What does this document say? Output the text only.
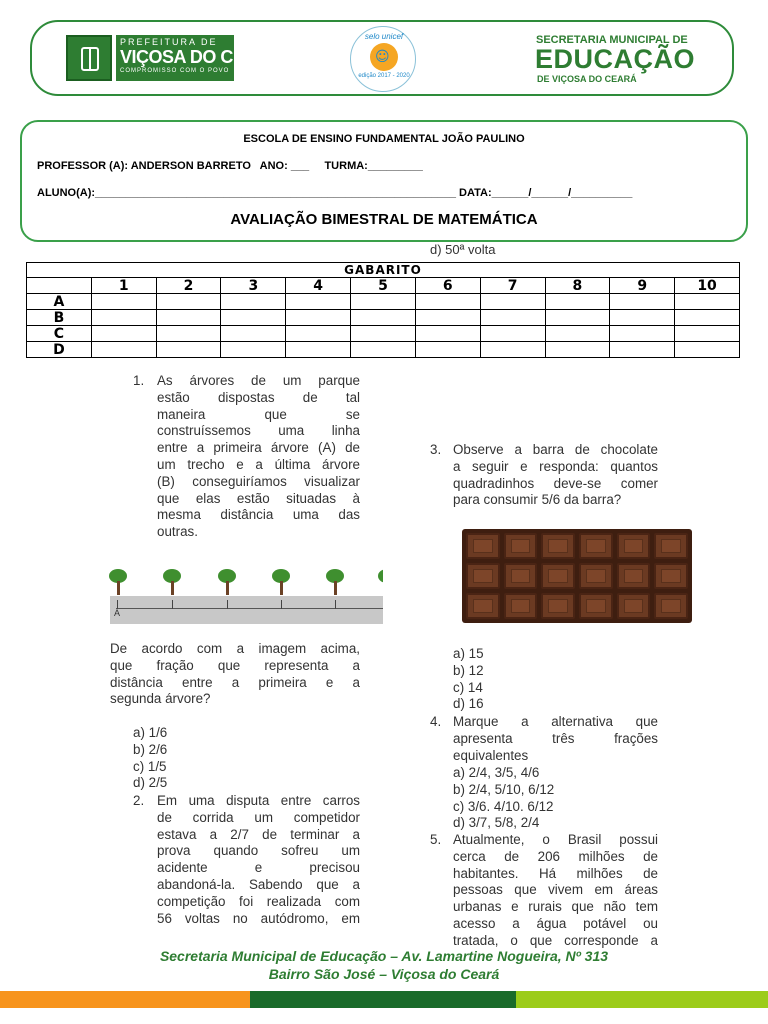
PREFEITURA DE
VIÇOSA DO CEARÁ
COMPROMISSO COM O POVO
selo unicef
☺
edição 2017 - 2020
SECRETARIA MUNICIPAL DE
EDUCAÇÃO
DE VIÇOSA DO CEARÁ
ESCOLA DE ENSINO FUNDAMENTAL JOÃO PAULINO
PROFESSOR (A): ANDERSON BARRETO   ANO: ___     TURMA:_________
ALUNO(A):___________________________________________________________ DATA:______/______/__________
AVALIAÇÃO BIMESTRAL DE MATEMÁTICA
d) 50ª volta
GABARITO										
	1	2	3	4	5	6	7	8	9	10
A										
B										
C										
D										
1. As árvores de um parque
estão dispostas de tal
maneira que se
construíssemos uma linha
entre a primeira árvore (A) de
um trecho e a última árvore
(B) conseguiríamos visualizar
que elas estão situadas à
mesma distância uma das
outras.
A
De acordo com a imagem acima,
que fração que representa a
distância entre a primeira e a
segunda árvore?
a) 1/6
b) 2/6
c) 1/5
d) 2/5
2. Em uma disputa entre carros
de corrida um competidor
estava a 2/7 de terminar a
prova quando sofreu um
acidente e precisou
abandoná-la. Sabendo que a
competição foi realizada com
56 voltas no autódromo, em
3. Observe a barra de chocolate
a seguir e responda: quantos
quadradinhos deve-se comer
para consumir 5/6 da barra?
a) 15
b) 12
c) 14
d) 16
4. Marque a alternativa que
apresenta três frações
equivalentes
a) 2/4, 3/5, 4/6
b) 2/4, 5/10, 6/12
c) 3/6. 4/10. 6/12
d) 3/7, 5/8, 2/4
5. Atualmente, o Brasil possui
cerca de 206 milhões de
habitantes. Há milhões de
pessoas que vivem em áreas
urbanas e rurais que não tem
acesso a água potável ou
tratada, o que corresponde a
Secretaria Municipal de Educação – Av. Lamartine Nogueira, Nº 313
Bairro São José – Viçosa do Ceará
